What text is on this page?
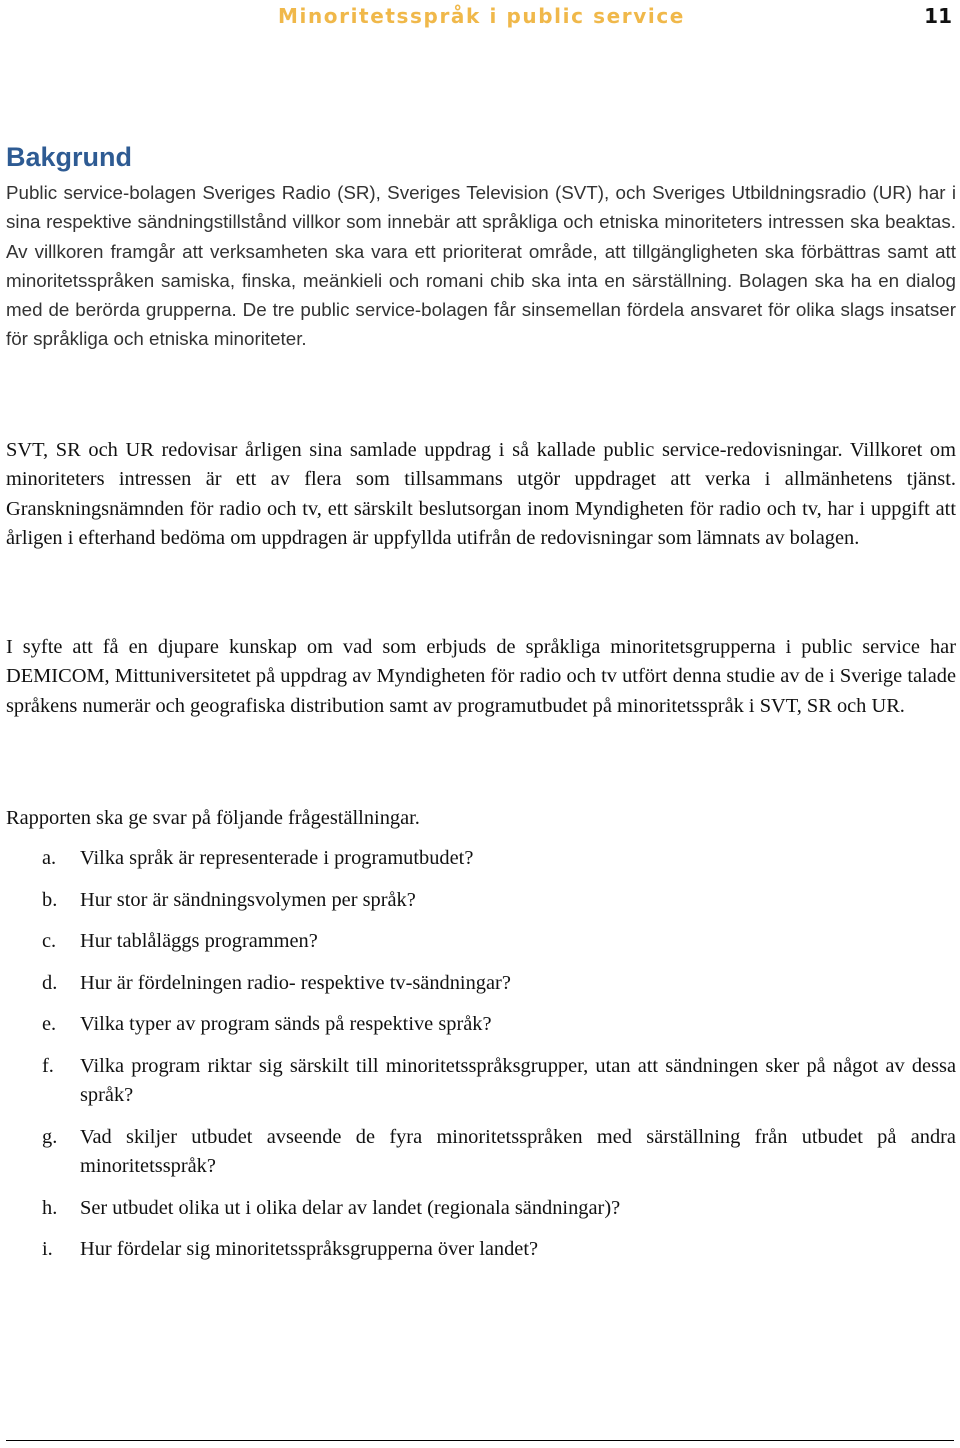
Minoritetsspråk i public service	11
Bakgrund

Public service-bolagen Sveriges Radio (SR), Sveriges Television (SVT), och Sveriges Utbildningsradio (UR) har i sina respektive sändningstillstånd villkor som innebär att språkliga och etniska minoriteters intressen ska beaktas. Av villkoren framgår att verksamheten ska vara ett prioriterat område, att tillgängligheten ska förbättras samt att minoritetsspråken samiska, finska, meänkieli och romani chib ska inta en särställning. Bolagen ska ha en dialog med de berörda grupperna. De tre public service-bolagen får sinsemellan fördela ansvaret för olika slags insatser för språkliga och etniska minoriteter.

SVT, SR och UR redovisar årligen sina samlade uppdrag i så kallade public service-redovisningar. Villkoret om minoriteters intressen är ett av flera som tillsammans utgör uppdraget att verka i allmänhetens tjänst. Granskningsnämnden för radio och tv, ett särskilt beslutsorgan inom Myndigheten för radio och tv, har i uppgift att årligen i efterhand bedöma om uppdragen är uppfyllda utifrån de redovisningar som lämnats av bolagen.

I syfte att få en djupare kunskap om vad som erbjuds de språkliga minoritetsgrupperna i public service har DEMICOM, Mittuniversitetet på uppdrag av Myndigheten för radio och tv utfört denna studie av de i Sverige talade språkens numerär och geografiska distribution samt av programutbudet på minoritetsspråk i SVT, SR och UR.

Rapporten ska ge svar på följande frågeställningar.

a. Vilka språk är representerade i programutbudet?
b. Hur stor är sändningsvolymen per språk?
c. Hur tablåläggs programmen?
d. Hur är fördelningen radio- respektive tv-sändningar?
e. Vilka typer av program sänds på respektive språk?
f. Vilka program riktar sig särskilt till minoritetsspråksgrupper, utan att sändningen sker på något av dessa språk?
g. Vad skiljer utbudet avseende de fyra minoritetsspråken med särställning från utbudet på andra minoritetsspråk?
h. Ser utbudet olika ut i olika delar av landet (regionala sändningar)?
i. Hur fördelar sig minoritetsspråksgrupperna över landet?
